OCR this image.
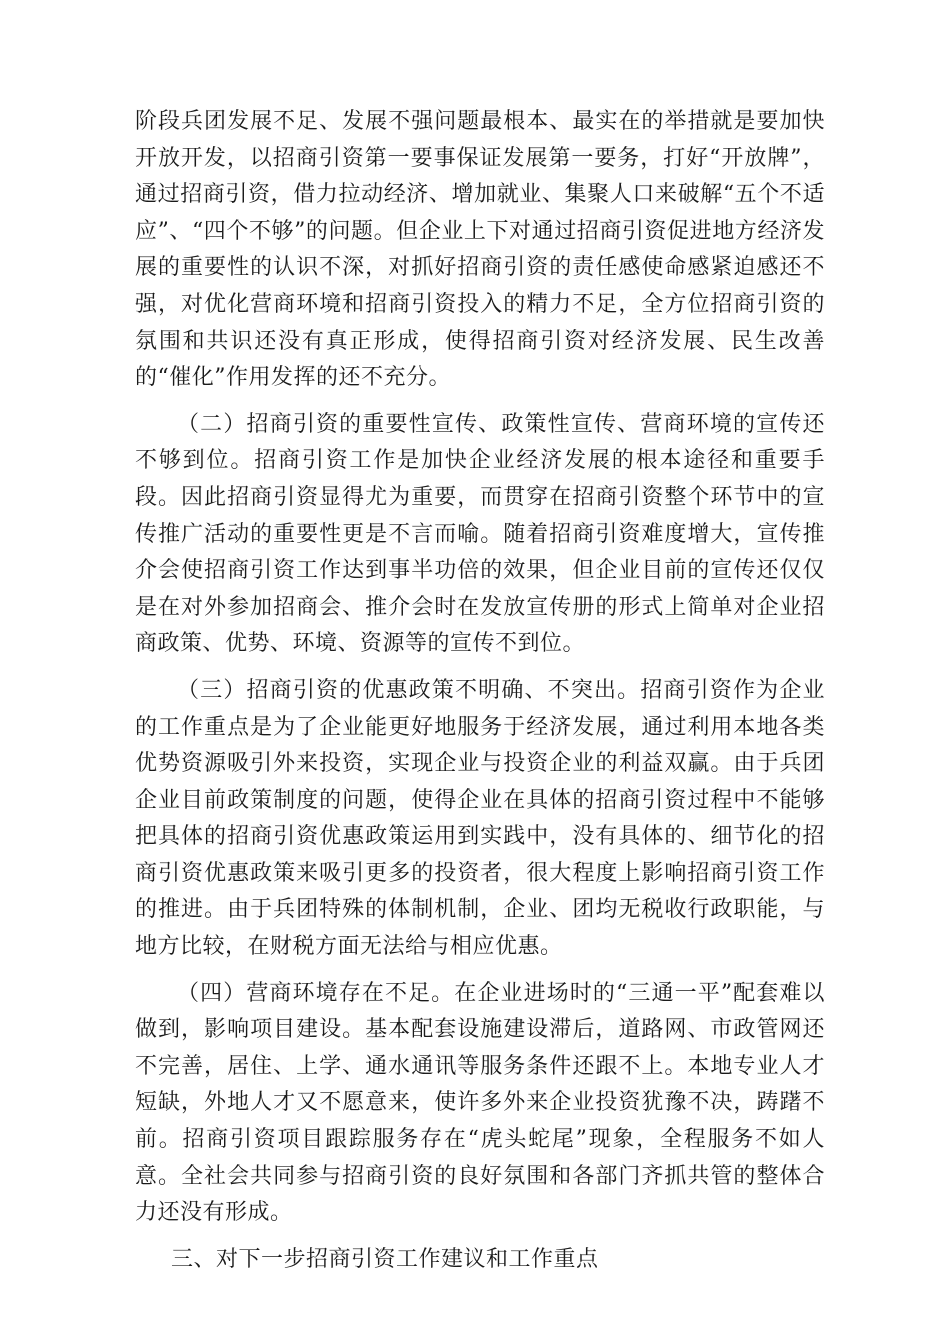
阶段兵团发展不足、发展不强问题最根本、最实在的举措就是要加快开放开发，以招商引资第一要事保证发展第一要务，打好“开放牌”，通过招商引资，借力拉动经济、增加就业、集聚人口来破解“五个不适应”、“四个不够”的问题。但企业上下对通过招商引资促进地方经济发展的重要性的认识不深，对抓好招商引资的责任感使命感紧迫感还不强，对优化营商环境和招商引资投入的精力不足，全方位招商引资的氛围和共识还没有真正形成，使得招商引资对经济发展、民生改善的“催化”作用发挥的还不充分。

（二）招商引资的重要性宣传、政策性宣传、营商环境的宣传还不够到位。招商引资工作是加快企业经济发展的根本途径和重要手段。因此招商引资显得尤为重要，而贯穿在招商引资整个环节中的宣传推广活动的重要性更是不言而喻。随着招商引资难度增大，宣传推介会使招商引资工作达到事半功倍的效果，但企业目前的宣传还仅仅是在对外参加招商会、推介会时在发放宣传册的形式上简单对企业招商政策、优势、环境、资源等的宣传不到位。

（三）招商引资的优惠政策不明确、不突出。招商引资作为企业的工作重点是为了企业能更好地服务于经济发展，通过利用本地各类优势资源吸引外来投资，实现企业与投资企业的利益双赢。由于兵团企业目前政策制度的问题，使得企业在具体的招商引资过程中不能够把具体的招商引资优惠政策运用到实践中，没有具体的、细节化的招商引资优惠政策来吸引更多的投资者，很大程度上影响招商引资工作的推进。由于兵团特殊的体制机制，企业、团均无税收行政职能，与地方比较，在财税方面无法给与相应优惠。

（四）营商环境存在不足。在企业进场时的“三通一平”配套难以做到，影响项目建设。基本配套设施建设滞后，道路网、市政管网还不完善，居住、上学、通水通讯等服务条件还跟不上。本地专业人才短缺，外地人才又不愿意来，使许多外来企业投资犹豫不决，踌躇不前。招商引资项目跟踪服务存在“虎头蛇尾”现象，全程服务不如人意。全社会共同参与招商引资的良好氛围和各部门齐抓共管的整体合力还没有形成。

三、对下一步招商引资工作建议和工作重点
